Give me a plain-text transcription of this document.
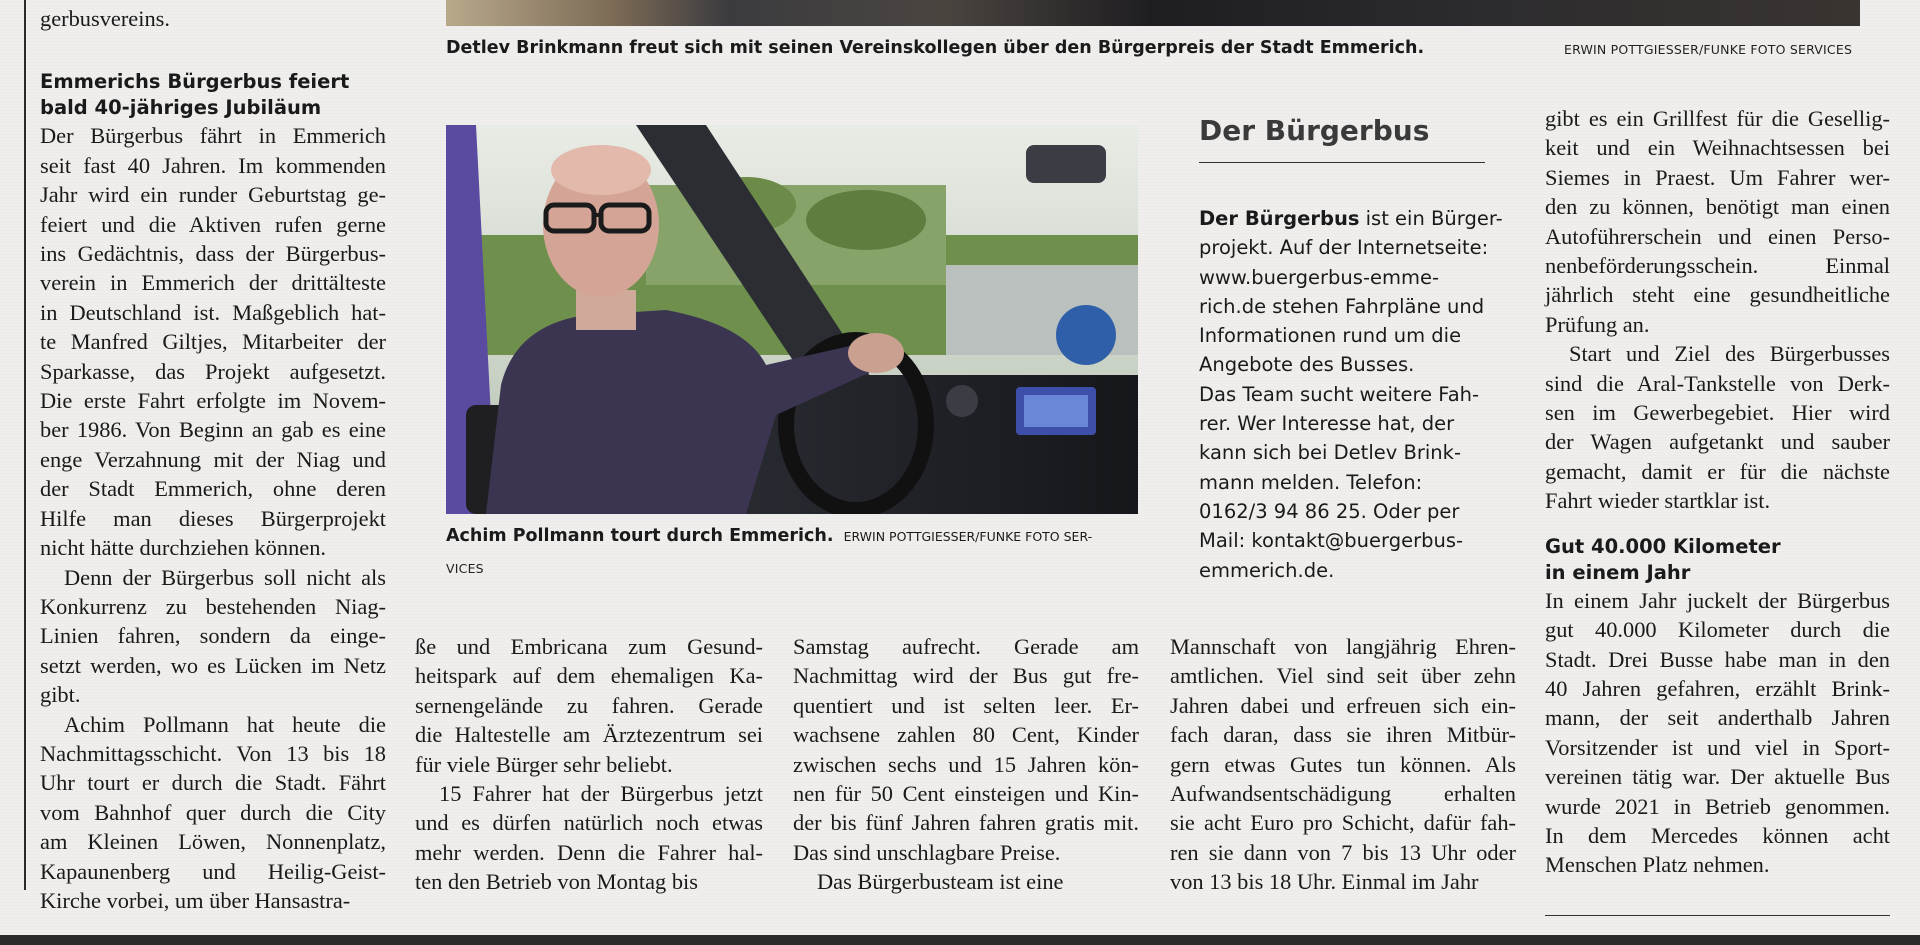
Detlev Brinkmann freut sich mit seinen Vereinskollegen über den Bürgerpreis der Stadt Emmerich.	ERWIN POTTGIESSER/FUNKE FOTO SERVICES

gerbusvereins.

Emmerichs Bürgerbus feiert
bald 40-jähriges Jubiläum
Der Bürgerbus fährt in Emmerich
seit fast 40 Jahren. Im kommenden
Jahr wird ein runder Geburtstag ge-
feiert und die Aktiven rufen gerne
ins Gedächtnis, dass der Bürgerbus-
verein in Emmerich der drittälteste
in Deutschland ist. Maßgeblich hat-
te Manfred Giltjes, Mitarbeiter der
Sparkasse, das Projekt aufgesetzt.
Die erste Fahrt erfolgte im Novem-
ber 1986. Von Beginn an gab es eine
enge Verzahnung mit der Niag und
der Stadt Emmerich, ohne deren
Hilfe man dieses Bürgerprojekt
nicht hätte durchziehen können.
Denn der Bürgerbus soll nicht als
Konkurrenz zu bestehenden Niag-
Linien fahren, sondern da einge-
setzt werden, wo es Lücken im Netz
gibt.
Achim Pollmann hat heute die
Nachmittagsschicht. Von 13 bis 18
Uhr tourt er durch die Stadt. Fährt
vom Bahnhof quer durch die City
am Kleinen Löwen, Nonnenplatz,
Kapaunenberg und Heilig-Geist-
Kirche vorbei, um über Hansastra-
Achim Pollmann tourt durch Emmerich. ERWIN POTTGIESSER/FUNKE FOTO SER-
VICES
ße und Embricana zum Gesund-
heitspark auf dem ehemaligen Ka-
sernengelände zu fahren. Gerade
die Haltestelle am Ärztezentrum sei
für viele Bürger sehr beliebt.
15 Fahrer hat der Bürgerbus jetzt
und es dürfen natürlich noch etwas
mehr werden. Denn die Fahrer hal-
ten den Betrieb von Montag bis
Samstag aufrecht. Gerade am
Nachmittag wird der Bus gut fre-
quentiert und ist selten leer. Er-
wachsene zahlen 80 Cent, Kinder
zwischen sechs und 15 Jahren kön-
nen für 50 Cent einsteigen und Kin-
der bis fünf Jahren fahren gratis mit.
Das sind unschlagbare Preise.
Das Bürgerbusteam ist eine
Der Bürgerbus
Der Bürgerbus ist ein Bürger-
projekt. Auf der Internetseite:
www.buergerbus-emme-
rich.de stehen Fahrpläne und
Informationen rund um die
Angebote des Busses.
Das Team sucht weitere Fah-
rer. Wer Interesse hat, der
kann sich bei Detlev Brink-
mann melden. Telefon:
0162/3 94 86 25. Oder per
Mail: kontakt@buergerbus-
emmerich.de.
Mannschaft von langjährig Ehren-
amtlichen. Viel sind seit über zehn
Jahren dabei und erfreuen sich ein-
fach daran, dass sie ihren Mitbür-
gern etwas Gutes tun können. Als
Aufwandsentschädigung erhalten
sie acht Euro pro Schicht, dafür fah-
ren sie dann von 7 bis 13 Uhr oder
von 13 bis 18 Uhr. Einmal im Jahr
gibt es ein Grillfest für die Gesellig-
keit und ein Weihnachtsessen bei
Siemes in Praest. Um Fahrer wer-
den zu können, benötigt man einen
Autoführerschein und einen Perso-
nenbeförderungsschein. Einmal
jährlich steht eine gesundheitliche
Prüfung an.
Start und Ziel des Bürgerbusses
sind die Aral-Tankstelle von Derk-
sen im Gewerbegebiet. Hier wird
der Wagen aufgetankt und sauber
gemacht, damit er für die nächste
Fahrt wieder startklar ist.
Gut 40.000 Kilometer
in einem Jahr
In einem Jahr juckelt der Bürgerbus
gut 40.000 Kilometer durch die
Stadt. Drei Busse habe man in den
40 Jahren gefahren, erzählt Brink-
mann, der seit anderthalb Jahren
Vorsitzender ist und viel in Sport-
vereinen tätig war. Der aktuelle Bus
wurde 2021 in Betrieb genommen.
In dem Mercedes können acht
Menschen Platz nehmen.
